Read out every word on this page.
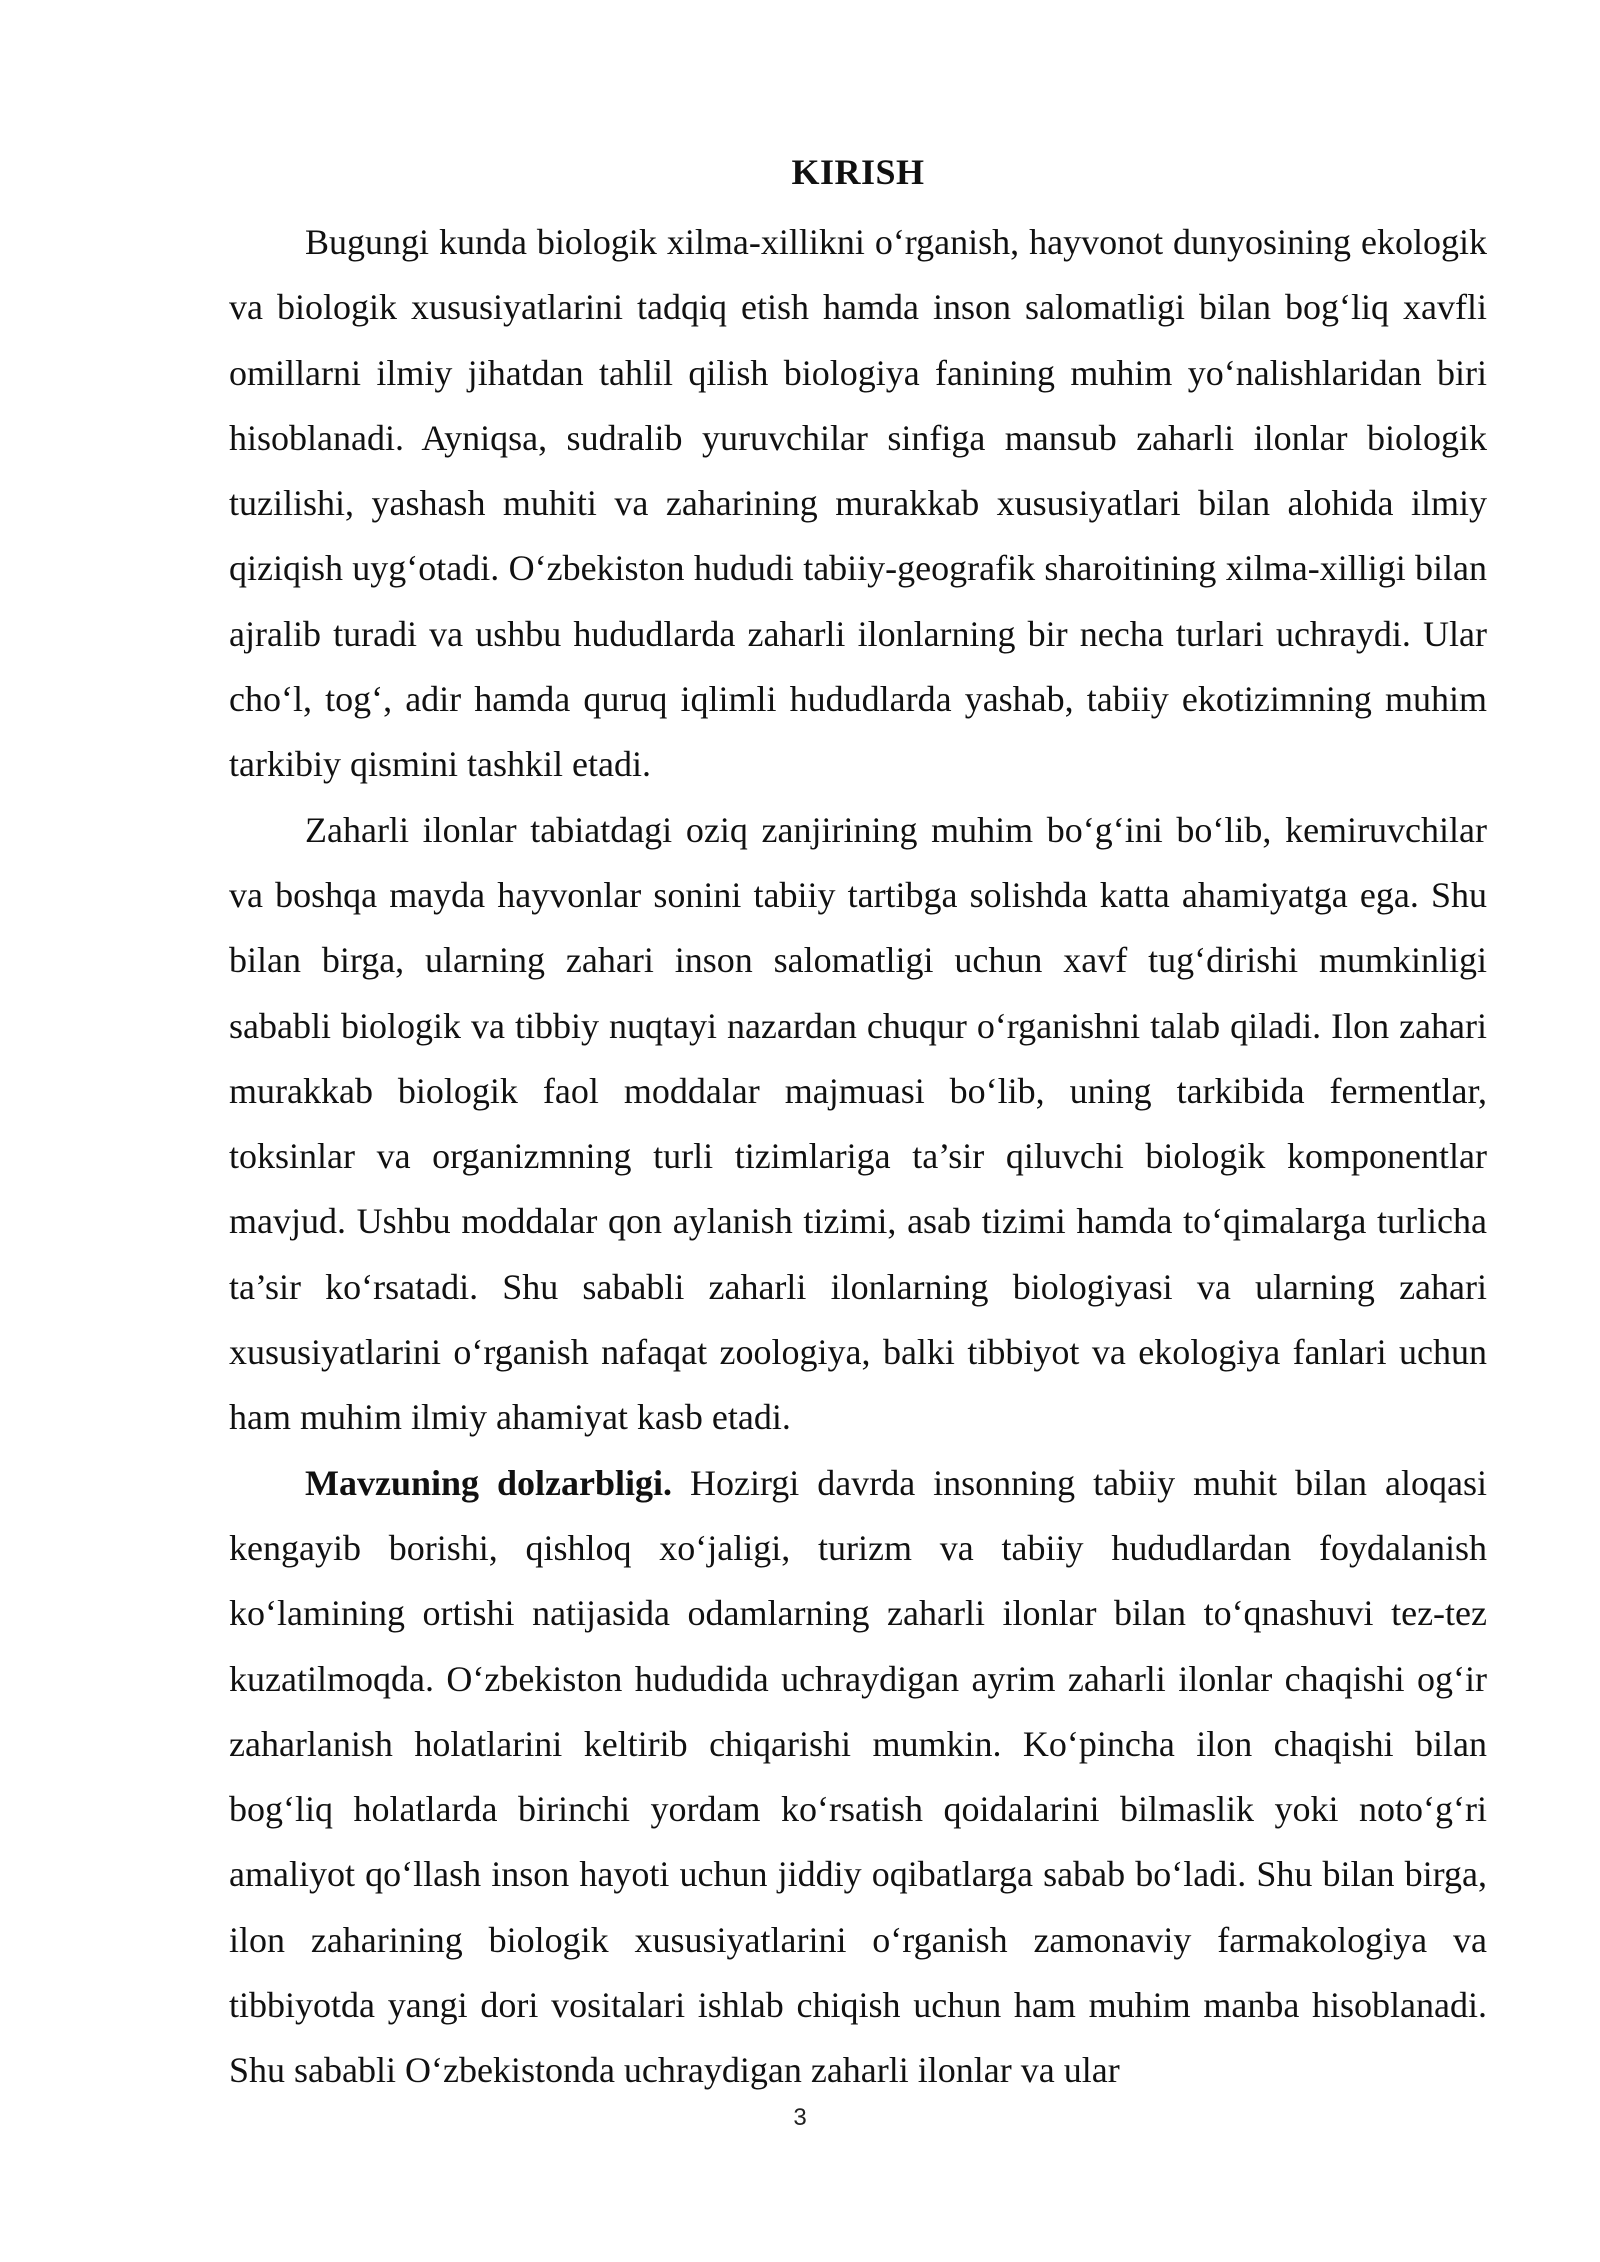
KIRISH

Bugungi kunda biologik xilma-xillikni o‘rganish, hayvonot dunyosining ekologik va biologik xususiyatlarini tadqiq etish hamda inson salomatligi bilan bog‘liq xavfli omillarni ilmiy jihatdan tahlil qilish biologiya fanining muhim yo‘nalishlaridan biri hisoblanadi. Ayniqsa, sudralib yuruvchilar sinfiga mansub zaharli ilonlar biologik tuzilishi, yashash muhiti va zaharining murakkab xususiyatlari bilan alohida ilmiy qiziqish uyg‘otadi. O‘zbekiston hududi tabiiy-geografik sharoitining xilma-xilligi bilan ajralib turadi va ushbu hududlarda zaharli ilonlarning bir necha turlari uchraydi. Ular cho‘l, tog‘, adir hamda quruq iqlimli hududlarda yashab, tabiiy ekotizimning muhim tarkibiy qismini tashkil etadi.

Zaharli ilonlar tabiatdagi oziq zanjirining muhim bo‘g‘ini bo‘lib, kemiruvchilar va boshqa mayda hayvonlar sonini tabiiy tartibga solishda katta ahamiyatga ega. Shu bilan birga, ularning zahari inson salomatligi uchun xavf tug‘dirishi mumkinligi sababli biologik va tibbiy nuqtayi nazardan chuqur o‘rganishni talab qiladi. Ilon zahari murakkab biologik faol moddalar majmuasi bo‘lib, uning tarkibida fermentlar, toksinlar va organizmning turli tizimlariga ta’sir qiluvchi biologik komponentlar mavjud. Ushbu moddalar qon aylanish tizimi, asab tizimi hamda to‘qimalarga turlicha ta’sir ko‘rsatadi. Shu sababli zaharli ilonlarning biologiyasi va ularning zahari xususiyatlarini o‘rganish nafaqat zoologiya, balki tibbiyot va ekologiya fanlari uchun ham muhim ilmiy ahamiyat kasb etadi.

Mavzuning dolzarbligi. Hozirgi davrda insonning tabiiy muhit bilan aloqasi kengayib borishi, qishloq xo‘jaligi, turizm va tabiiy hududlardan foydalanish ko‘lamining ortishi natijasida odamlarning zaharli ilonlar bilan to‘qnashuvi tez-tez kuzatilmoqda. O‘zbekiston hududida uchraydigan ayrim zaharli ilonlar chaqishi og‘ir zaharlanish holatlarini keltirib chiqarishi mumkin. Ko‘pincha ilon chaqishi bilan bog‘liq holatlarda birinchi yordam ko‘rsatish qoidalarini bilmaslik yoki noto‘g‘ri amaliyot qo‘llash inson hayoti uchun jiddiy oqibatlarga sabab bo‘ladi. Shu bilan birga, ilon zaharining biologik xususiyatlarini o‘rganish zamonaviy farmakologiya va tibbiyotda yangi dori vositalari ishlab chiqish uchun ham muhim manba hisoblanadi. Shu sababli O‘zbekistonda uchraydigan zaharli ilonlar va ular

3
